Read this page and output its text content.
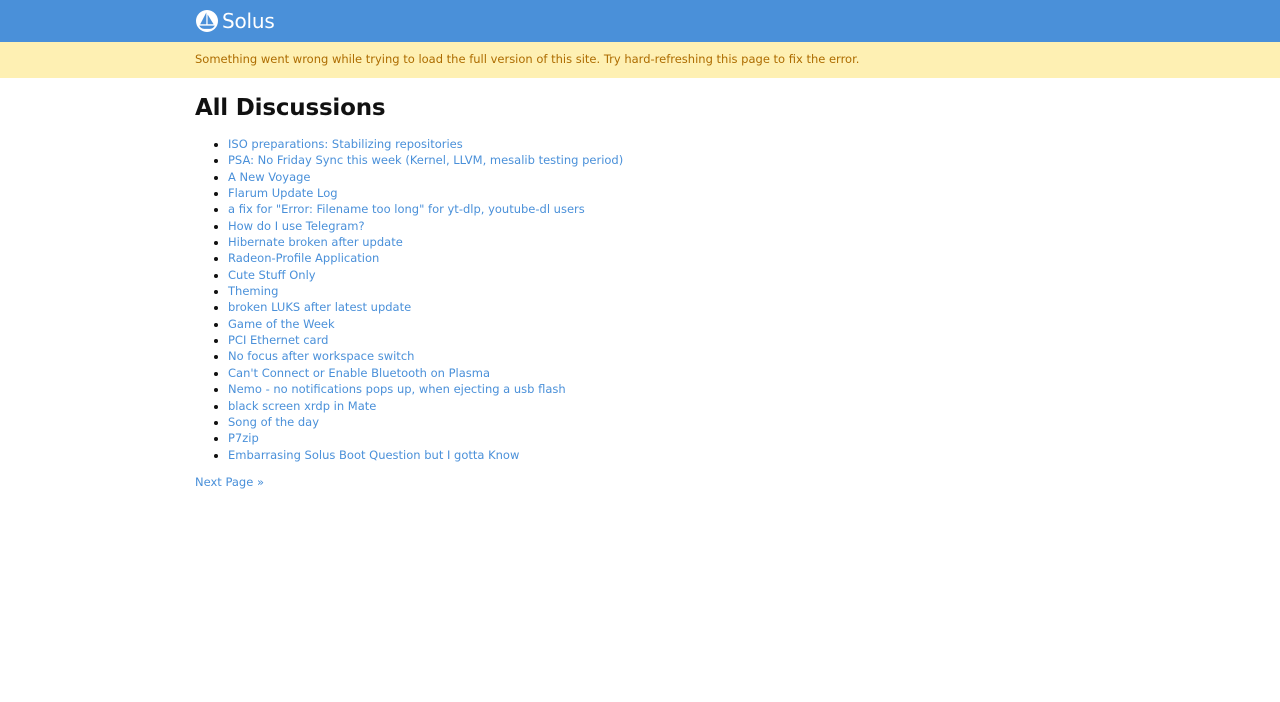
Solus
Something went wrong while trying to load the full version of this site. Try hard-refreshing this page to fix the error.
All Discussions
• ISO preparations: Stabilizing repositories
• PSA: No Friday Sync this week (Kernel, LLVM, mesalib testing period)
• A New Voyage
• Flarum Update Log
• a fix for "Error: Filename too long" for yt-dlp, youtube-dl users
• How do I use Telegram?
• Hibernate broken after update
• Radeon-Profile Application
• Cute Stuff Only
• Theming
• broken LUKS after latest update
• Game of the Week
• PCI Ethernet card
• No focus after workspace switch
• Can't Connect or Enable Bluetooth on Plasma
• Nemo - no notifications pops up, when ejecting a usb flash
• black screen xrdp in Mate
• Song of the day
• P7zip
• Embarrasing Solus Boot Question but I gotta Know
Next Page »
